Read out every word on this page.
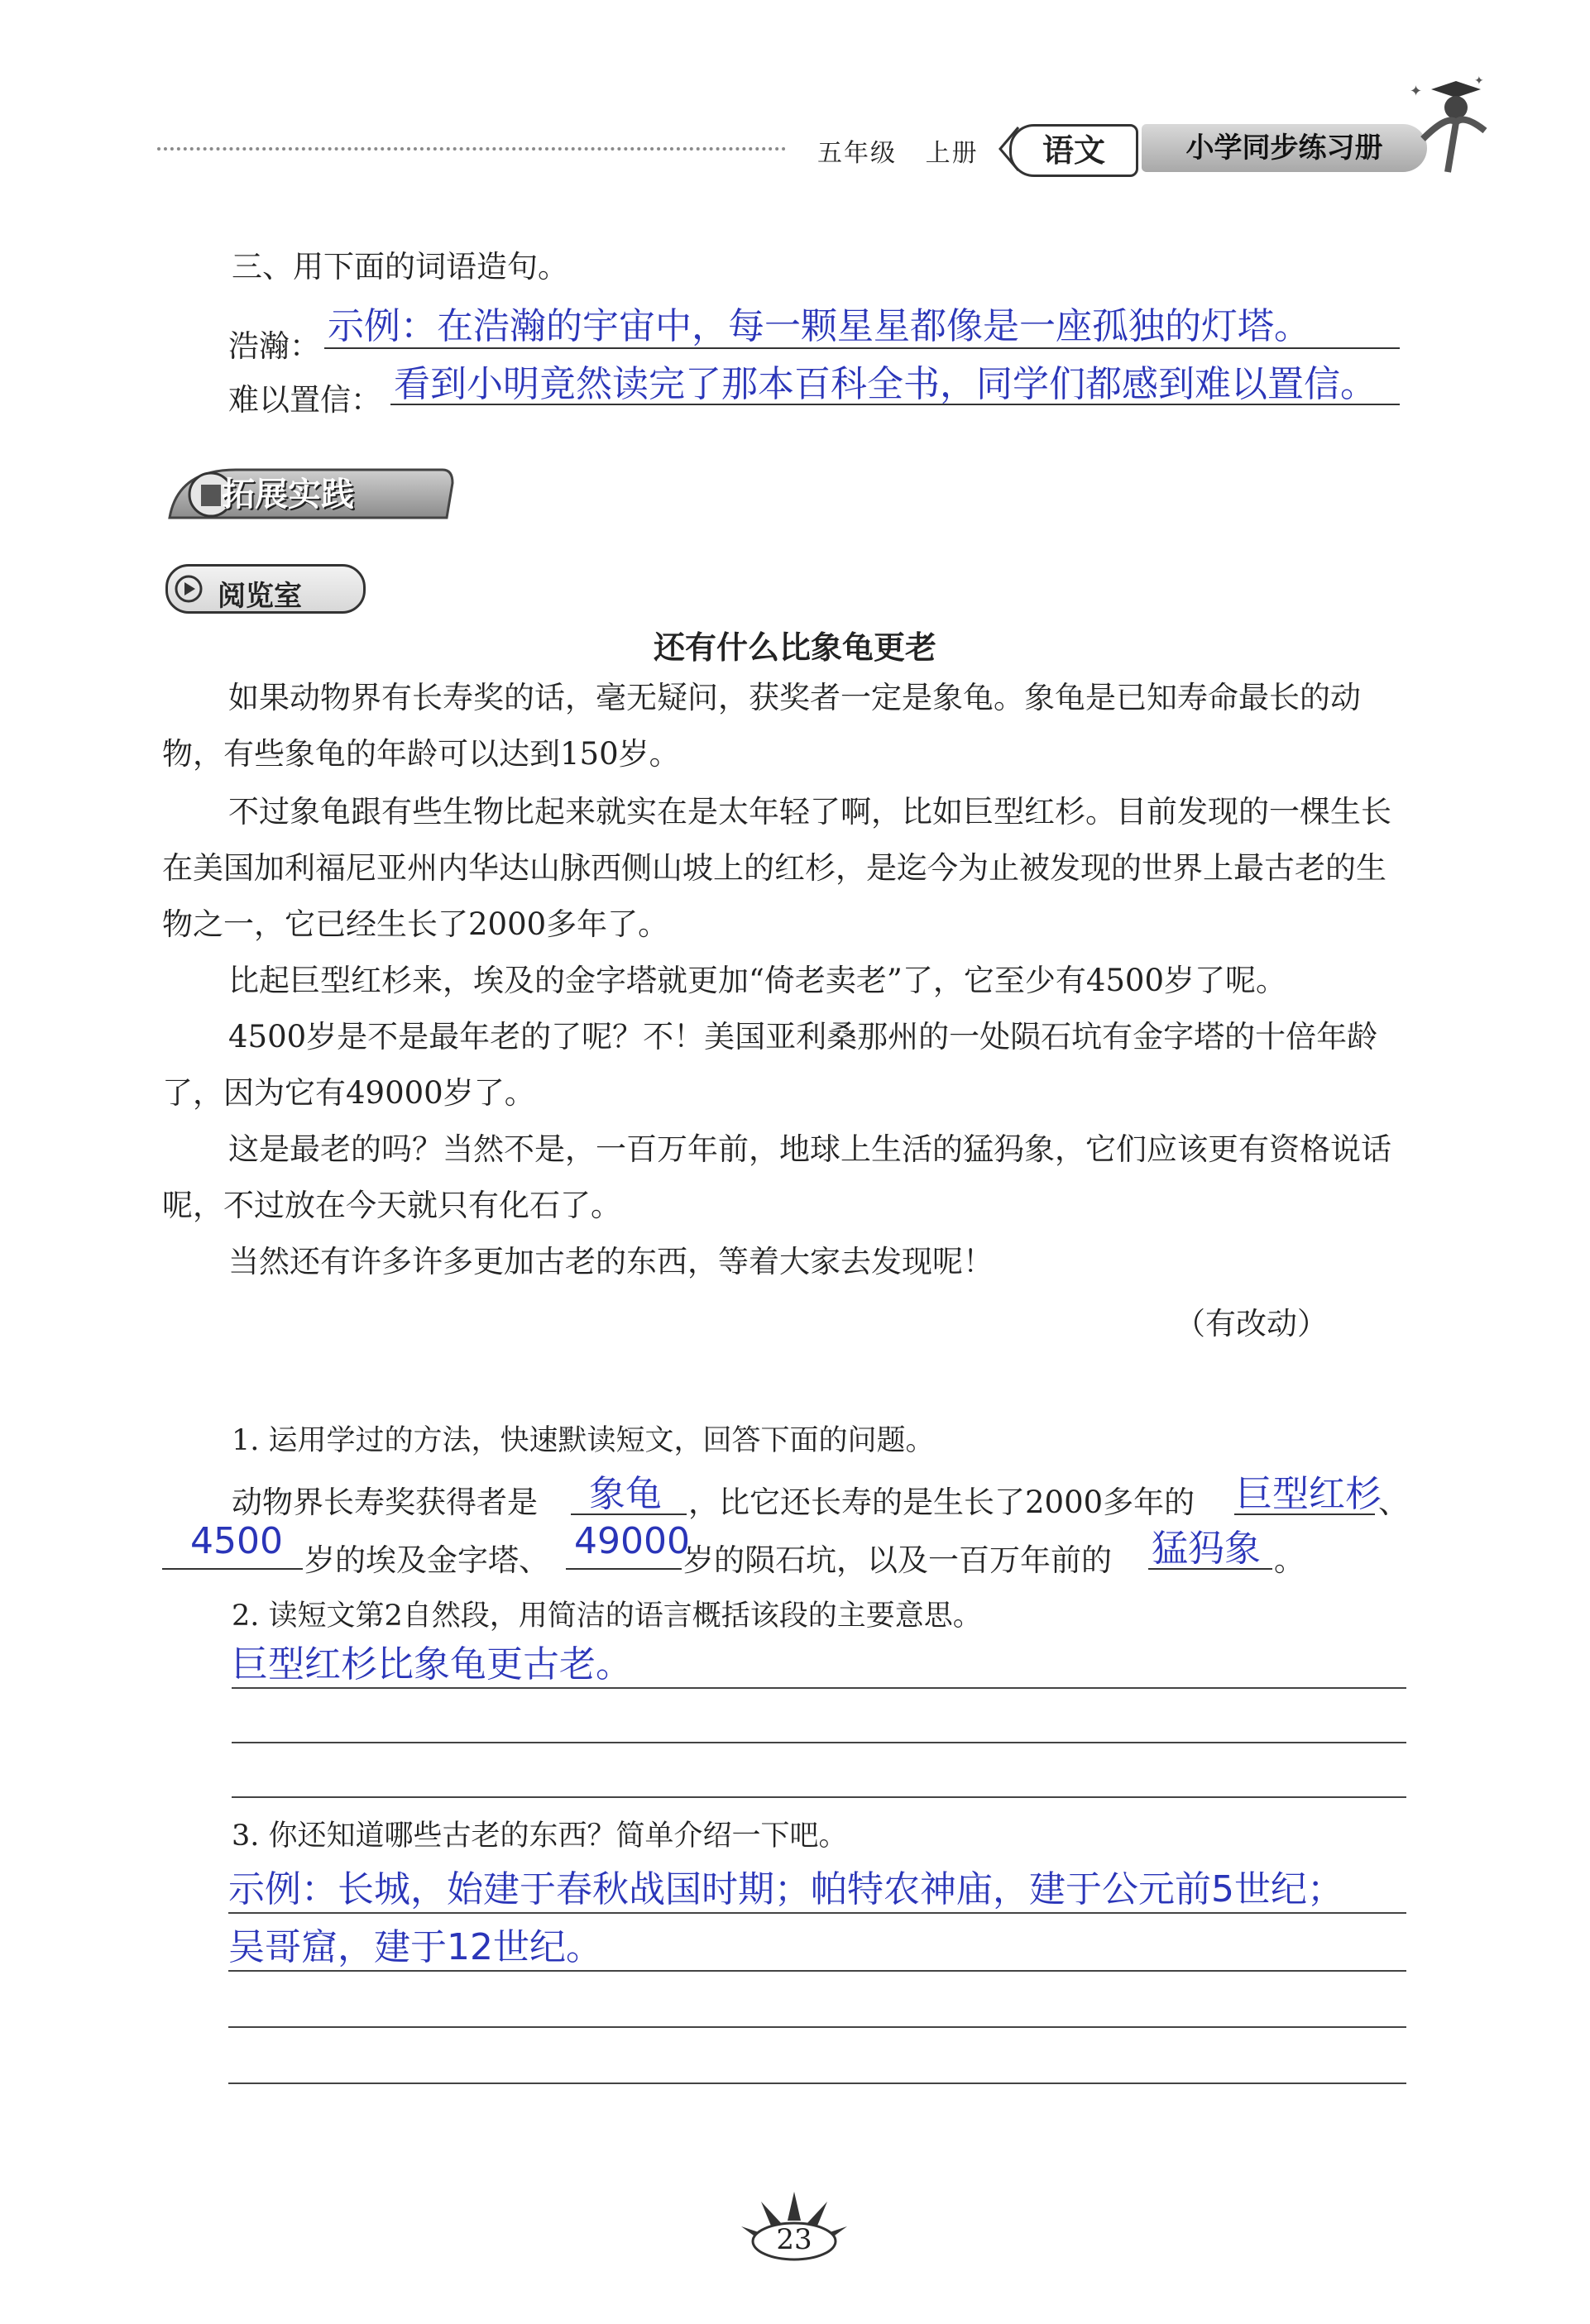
五年级 上册	语文	小学同步练习册
✦
✦
三、用下面的词语造句。
浩瀚： 示例：在浩瀚的宇宙中，每一颗星星都像是一座孤独的灯塔。
难以置信： 看到小明竟然读完了那本百科全书，同学们都感到难以置信。
拓展实践
阅览室
还有什么比象龟更老
如果动物界有长寿奖的话，毫无疑问，获奖者一定是象龟。象龟是已知寿命最长的动物，有些象龟的年龄可以达到150岁。
不过象龟跟有些生物比起来就实在是太年轻了啊，比如巨型红杉。目前发现的一棵生长在美国加利福尼亚州内华达山脉西侧山坡上的红杉，是迄今为止被发现的世界上最古老的生物之一，它已经生长了2000多年了。
比起巨型红杉来，埃及的金字塔就更加“倚老卖老”了，它至少有4500岁了呢。
4500岁是不是最年老的了呢？不！美国亚利桑那州的一处陨石坑有金字塔的十倍年龄了，因为它有49000岁了。
这是最老的吗？当然不是，一百万年前，地球上生活的猛犸象，它们应该更有资格说话呢，不过放在今天就只有化石了。
当然还有许多许多更加古老的东西，等着大家去发现呢！
（有改动）
1. 运用学过的方法，快速默读短文，回答下面的问题。
动物界长寿奖获得者是 象龟 ，比它还长寿的是生长了2000多年的 巨型红杉
、
4500 岁的埃及金字塔、 49000
岁的陨石坑，以及一百万年前的 猛犸象 。
2. 读短文第2自然段，用简洁的语言概括该段的主要意思。
巨型红杉比象龟更古老。
3. 你还知道哪些古老的东西？简单介绍一下吧。
示例：长城，始建于春秋战国时期；帕特农神庙，建于公元前5世纪；
吴哥窟，建于12世纪。
23
